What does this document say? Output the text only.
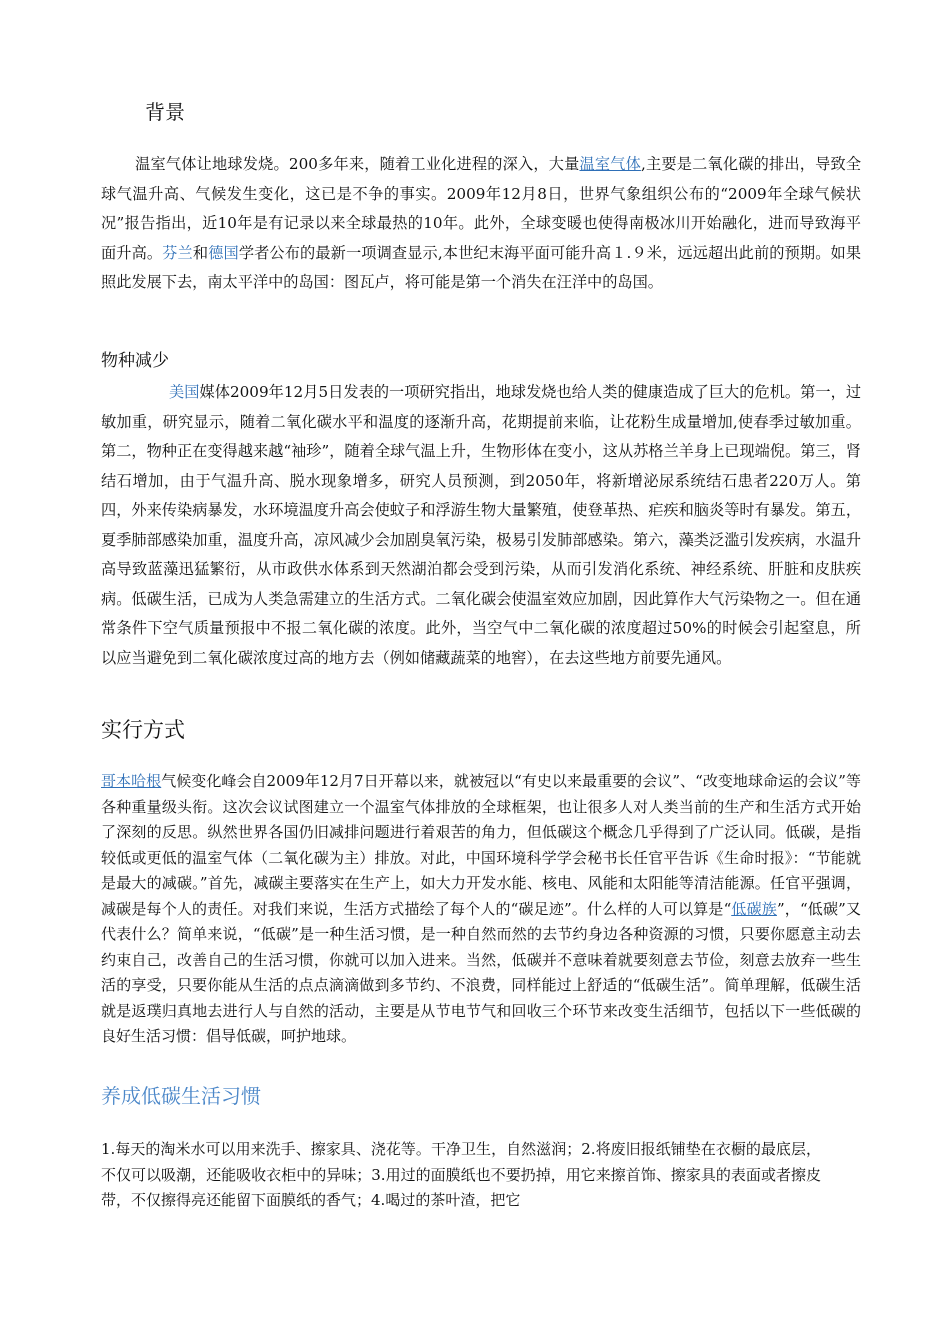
背景

温室气体让地球发烧。200多年来，随着工业化进程的深入，大量温室气体,主要是二氧化碳的排出，导致全球气温升高、气候发生变化，这已是不争的事实。2009年12月8日，世界气象组织公布的“2009年全球气候状况”报告指出，近10年是有记录以来全球最热的10年。此外，全球变暖也使得南极冰川开始融化，进而导致海平面升高。芬兰和德国学者公布的最新一项调查显示,本世纪末海平面可能升高１.９米，远远超出此前的预期。如果照此发展下去，南太平洋中的岛国：图瓦卢，将可能是第一个消失在汪洋中的岛国。

物种减少

美国媒体2009年12月5日发表的一项研究指出，地球发烧也给人类的健康造成了巨大的危机。第一，过敏加重，研究显示，随着二氧化碳水平和温度的逐渐升高，花期提前来临，让花粉生成量增加,使春季过敏加重。第二，物种正在变得越来越“袖珍”，随着全球气温上升，生物形体在变小，这从苏格兰羊身上已现端倪。第三，肾结石增加，由于气温升高、脱水现象增多，研究人员预测，到2050年，将新增泌尿系统结石患者220万人。第四，外来传染病暴发，水环境温度升高会使蚊子和浮游生物大量繁殖，使登革热、疟疾和脑炎等时有暴发。第五，夏季肺部感染加重，温度升高，凉风减少会加剧臭氧污染，极易引发肺部感染。第六，藻类泛滥引发疾病，水温升高导致蓝藻迅猛繁衍，从市政供水体系到天然湖泊都会受到污染，从而引发消化系统、神经系统、肝脏和皮肤疾病。低碳生活，已成为人类急需建立的生活方式。二氧化碳会使温室效应加剧，因此算作大气污染物之一。但在通常条件下空气质量预报中不报二氧化碳的浓度。此外，当空气中二氧化碳的浓度超过50%的时候会引起窒息，所以应当避免到二氧化碳浓度过高的地方去（例如储藏蔬菜的地窖），在去这些地方前要先通风。

实行方式

哥本哈根气候变化峰会自2009年12月7日开幕以来，就被冠以“有史以来最重要的会议”、“改变地球命运的会议”等各种重量级头衔。这次会议试图建立一个温室气体排放的全球框架，也让很多人对人类当前的生产和生活方式开始了深刻的反思。纵然世界各国仍旧减排问题进行着艰苦的角力，但低碳这个概念几乎得到了广泛认同。低碳，是指较低或更低的温室气体（二氧化碳为主）排放。对此，中国环境科学学会秘书长任官平告诉《生命时报》：“节能就是最大的减碳。”首先，减碳主要落实在生产上，如大力开发水能、核电、风能和太阳能等清洁能源。任官平强调，减碳是每个人的责任。对我们来说，生活方式描绘了每个人的“碳足迹”。什么样的人可以算是“低碳族”，“低碳”又代表什么？简单来说，“低碳”是一种生活习惯，是一种自然而然的去节约身边各种资源的习惯，只要你愿意主动去约束自己，改善自己的生活习惯，你就可以加入进来。当然，低碳并不意味着就要刻意去节俭，刻意去放弃一些生活的享受，只要你能从生活的点点滴滴做到多节约、不浪费，同样能过上舒适的“低碳生活”。简单理解，低碳生活就是返璞归真地去进行人与自然的活动，主要是从节电节气和回收三个环节来改变生活细节，包括以下一些低碳的良好生活习惯：倡导低碳，呵护地球。

养成低碳生活习惯

1.每天的淘米水可以用来洗手、擦家具、浇花等。干净卫生，自然滋润；2.将废旧报纸铺垫在衣橱的最底层，不仅可以吸潮，还能吸收衣柜中的异味；3.用过的面膜纸也不要扔掉，用它来擦首饰、擦家具的表面或者擦皮带，不仅擦得亮还能留下面膜纸的香气；4.喝过的茶叶渣，把它
